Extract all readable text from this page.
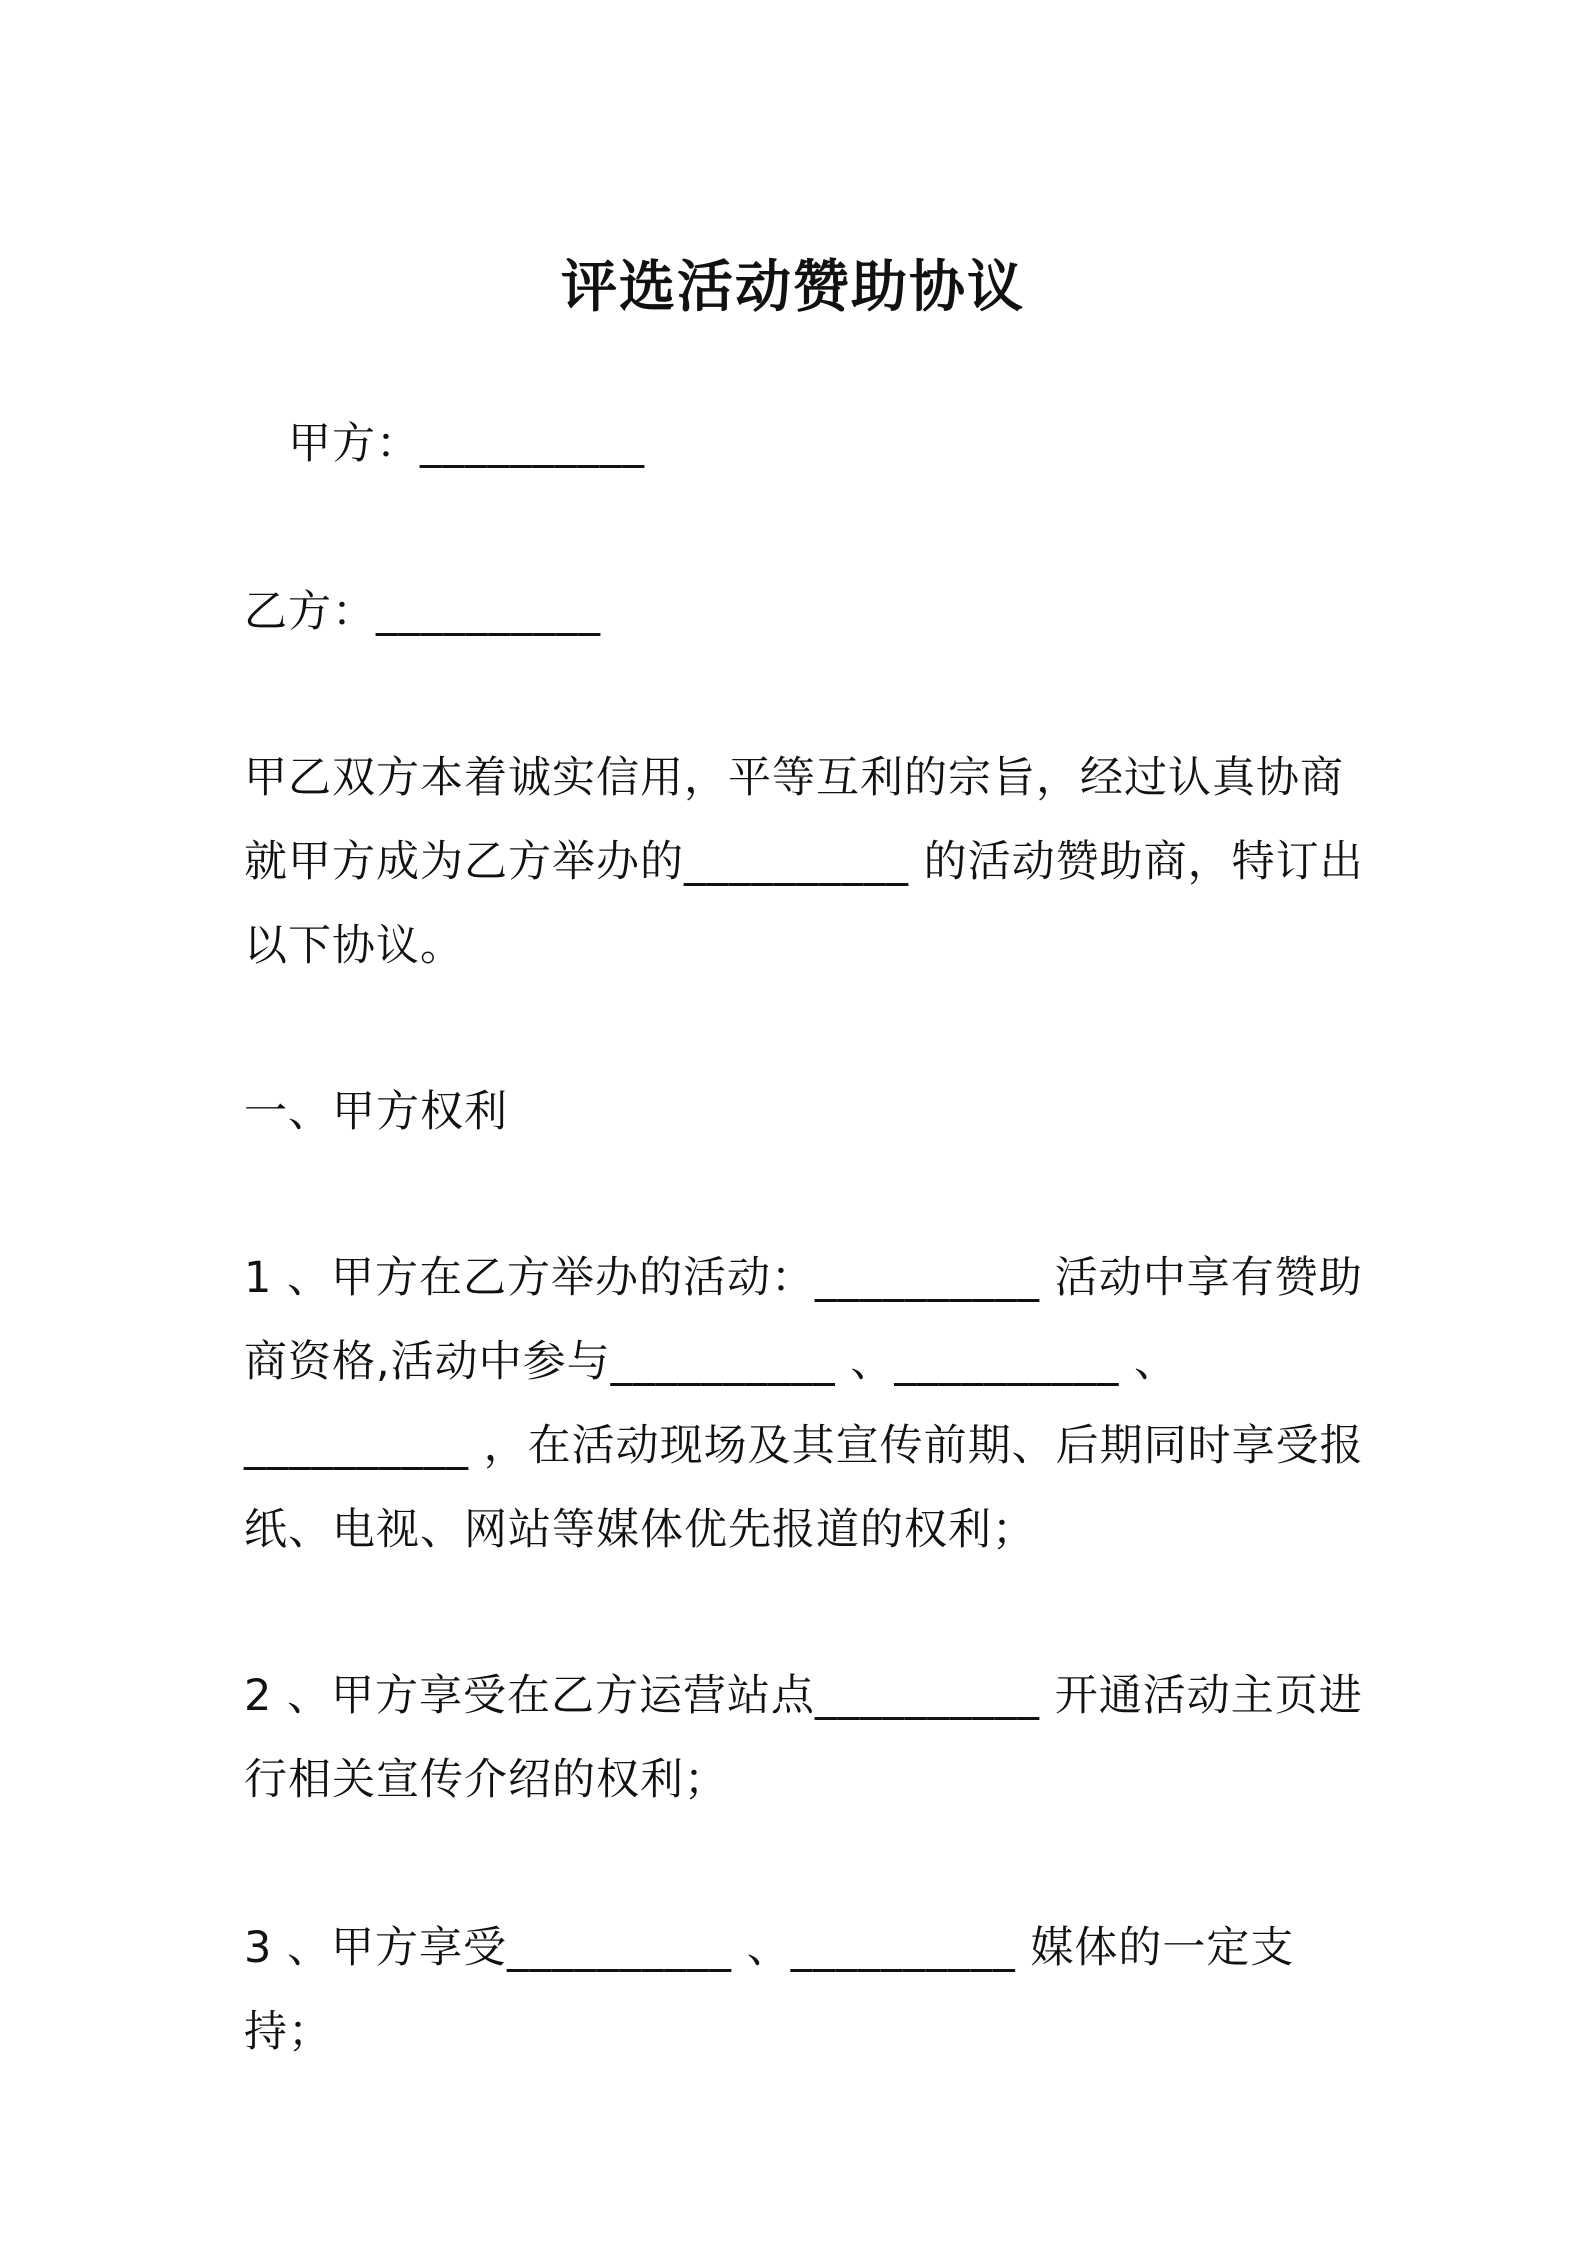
评选活动赞助协议

甲方：__________

乙方：__________

甲乙双方本着诚实信用，平等互利的宗旨，经过认真协商就甲方成为乙方举办的__________ 的活动赞助商，特订出以下协议。

一、甲方权利

1 、甲方在乙方举办的活动：__________ 活动中享有赞助商资格,活动中参与__________ 、__________ 、__________ ，在活动现场及其宣传前期、后期同时享受报纸、电视、网站等媒体优先报道的权利；

2 、甲方享受在乙方运营站点__________ 开通活动主页进行相关宣传介绍的权利；

3 、甲方享受__________ 、__________ 媒体的一定支持；
